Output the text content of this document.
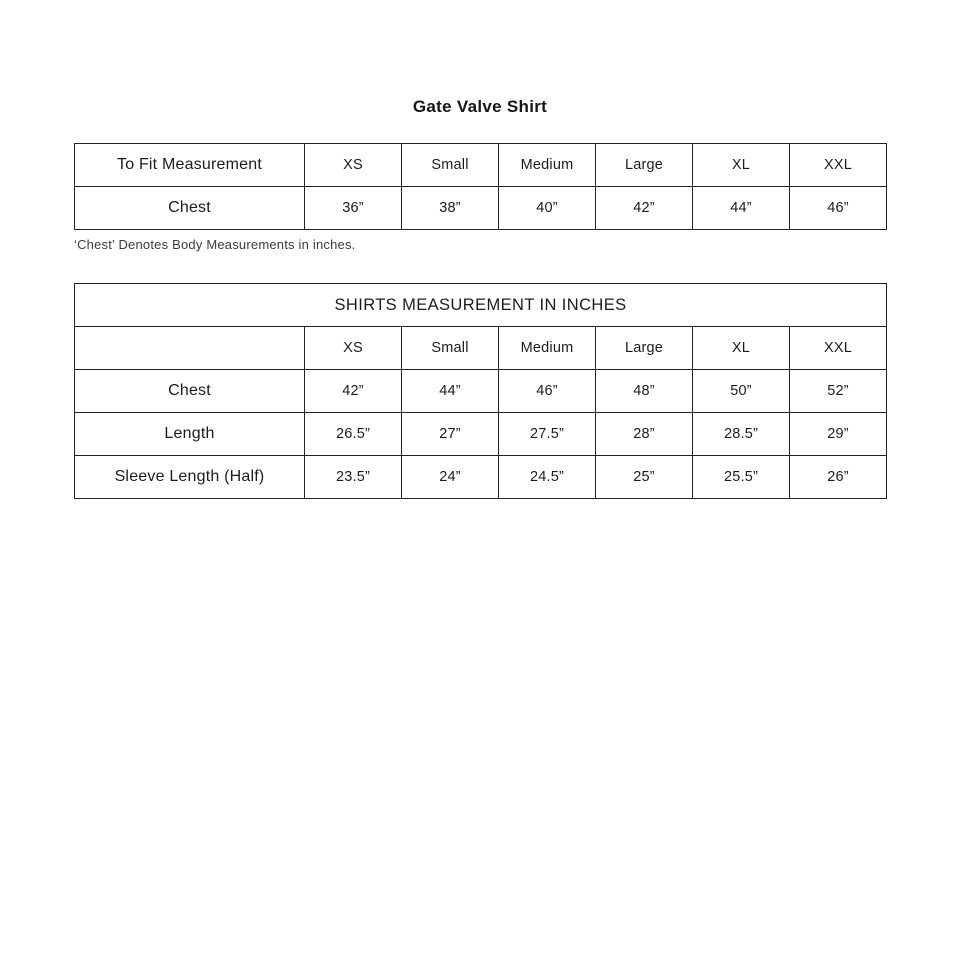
Gate Valve Shirt
To Fit Measurement	XS	Small	Medium	Large	XL	XXL
Chest	36”	38”	40”	42”	44”	46”
‘Chest’ Denotes Body Measurements in inches.
SHIRTS MEASUREMENT IN INCHES						
	XS	Small	Medium	Large	XL	XXL
Chest	42”	44”	46”	48”	50”	52”
Length	26.5”	27”	27.5”	28”	28.5”	29”
Sleeve Length (Half)	23.5”	24”	24.5”	25”	25.5”	26”
